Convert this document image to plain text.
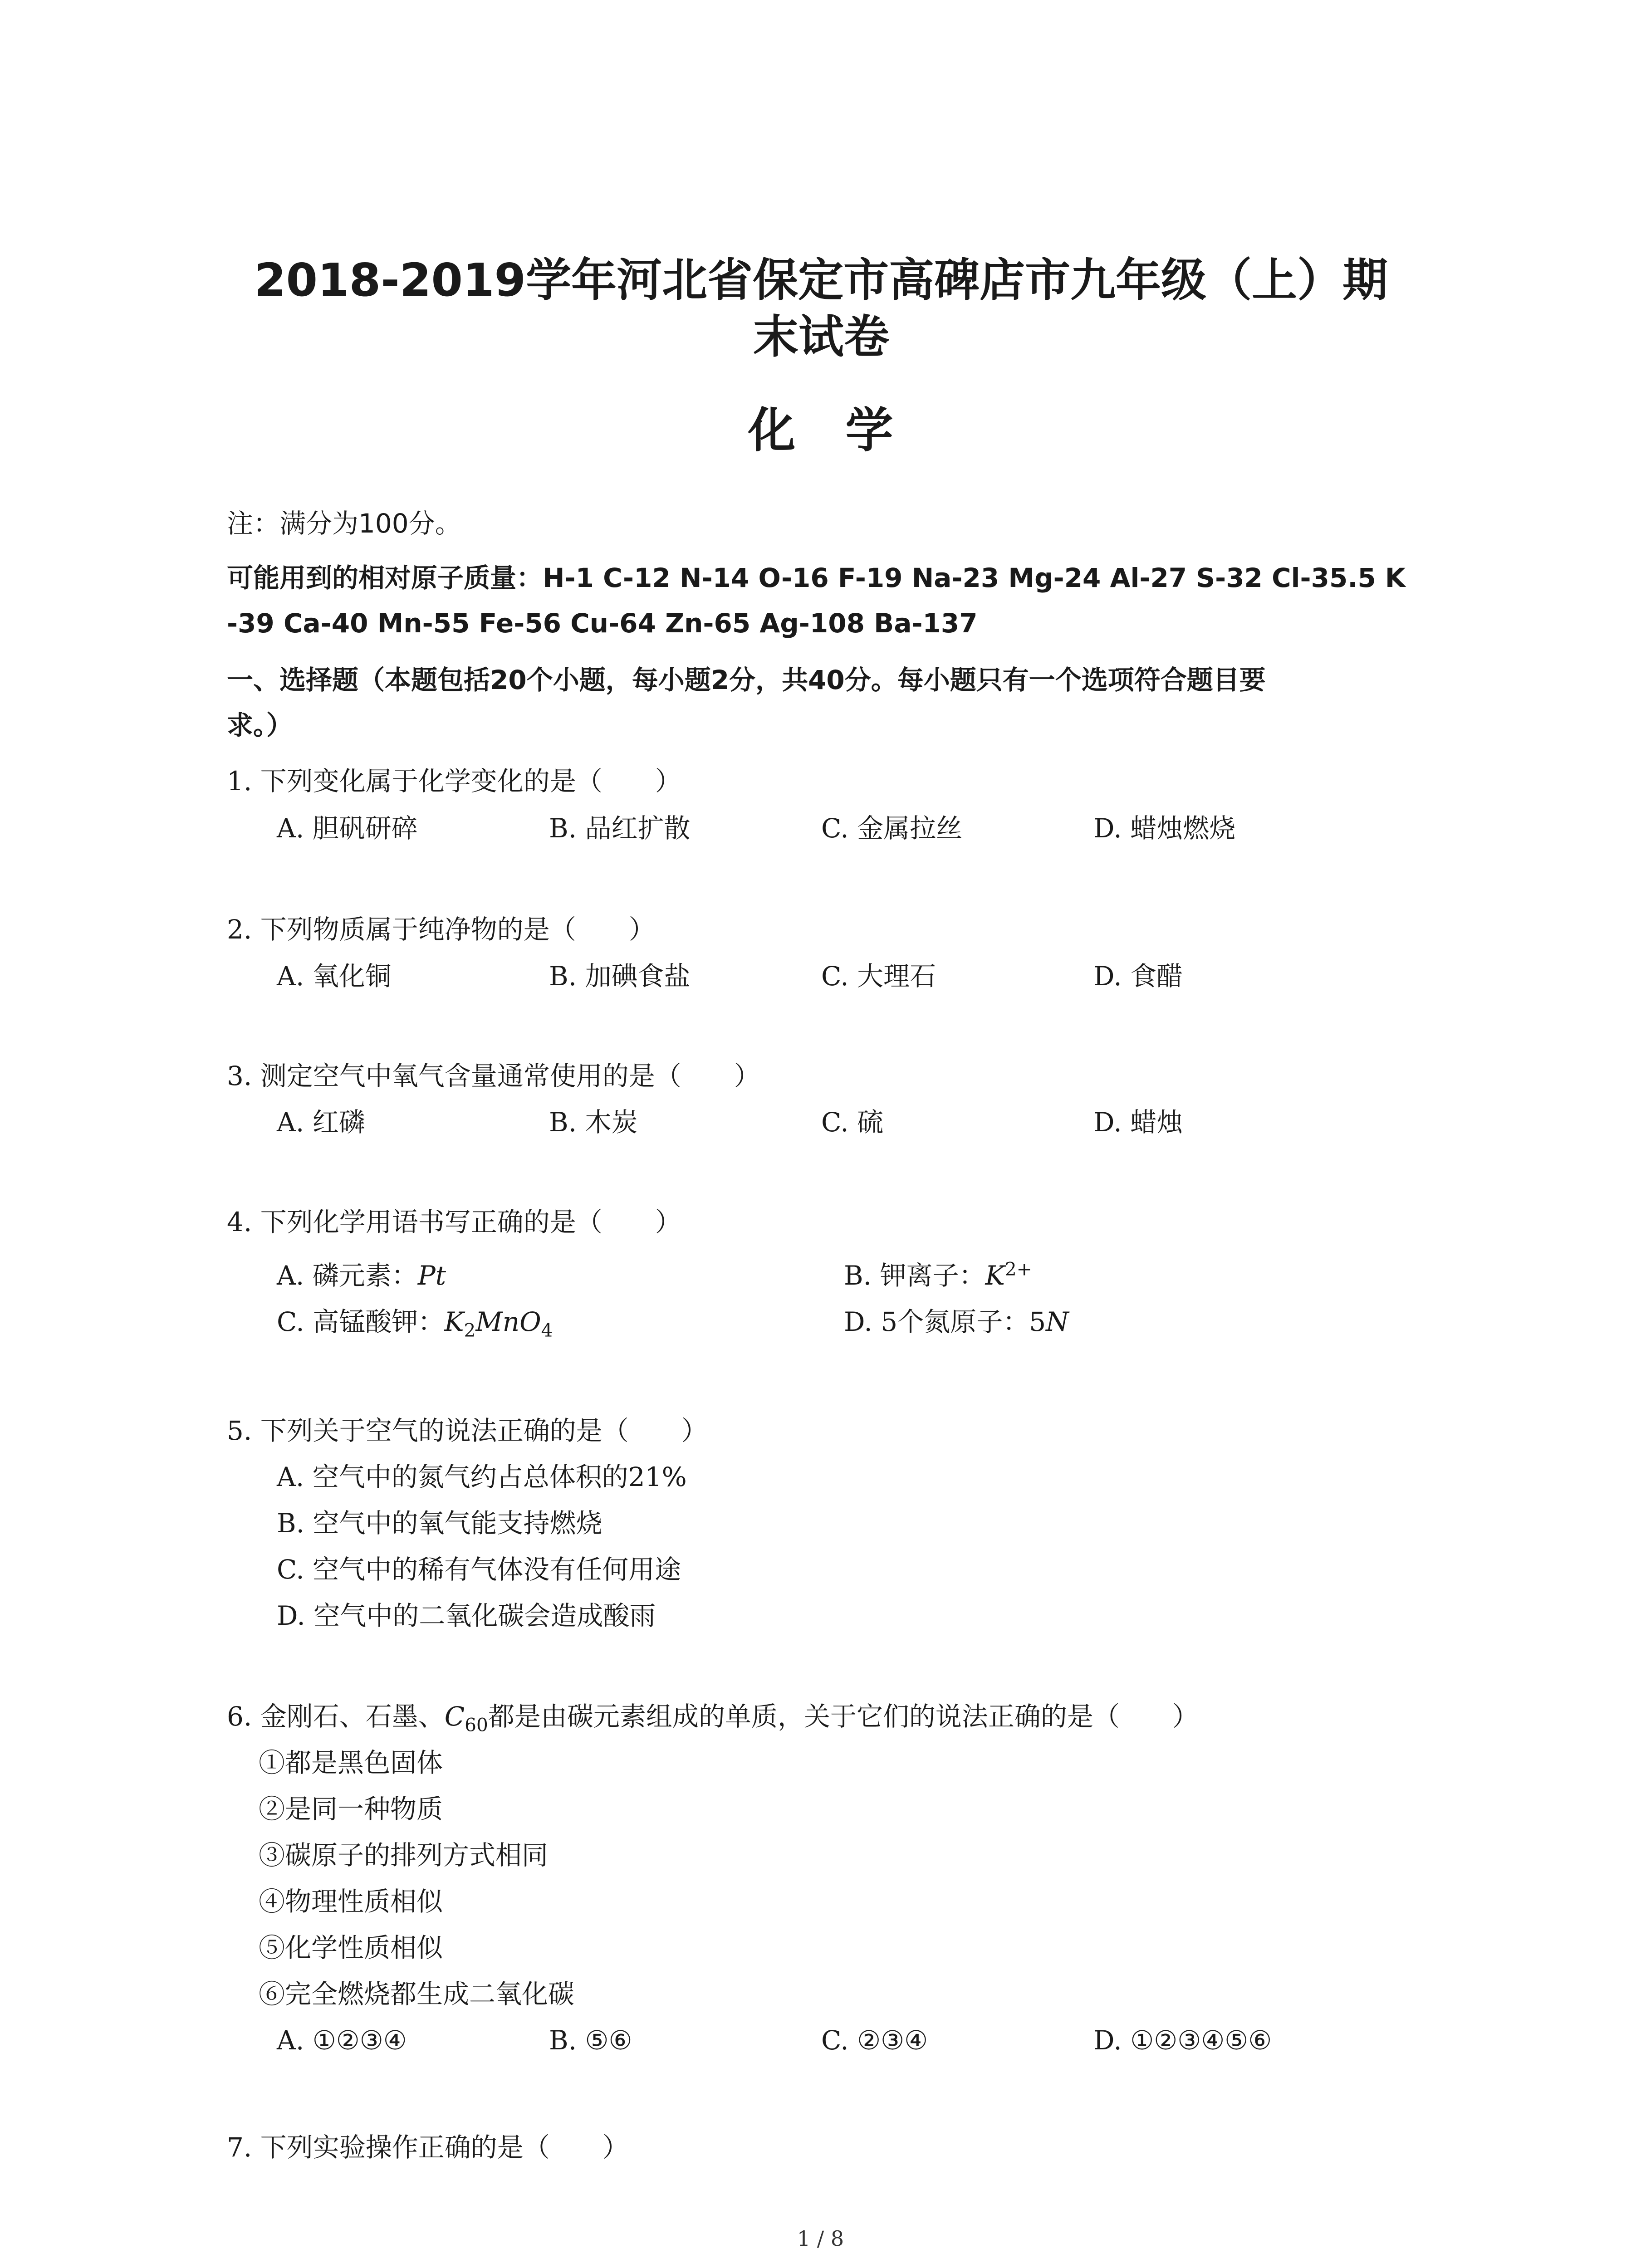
2018-2019学年河北省保定市高碑店市九年级（上）期
末试卷
化学
注：满分为100分。
可能用到的相对原子质量：H-1 C-12 N-14 O-16 F-19 Na-23 Mg-24 Al-27 S-32 Cl-35.5 K
-39 Ca-40 Mn-55 Fe-56 Cu-64 Zn-65 Ag-108 Ba-137
一、选择题（本题包括20个小题，每小题2分，共40分。每小题只有一个选项符合题目要
求。）
1. 下列变化属于化学变化的是（　　）
A. 胆矾研碎	B. 品红扩散	C. 金属拉丝	D. 蜡烛燃烧
2. 下列物质属于纯净物的是（　　）
A. 氧化铜	B. 加碘食盐	C. 大理石	D. 食醋
3. 测定空气中氧气含量通常使用的是（　　）
A. 红磷	B. 木炭	C. 硫	D. 蜡烛
4. 下列化学用语书写正确的是（　　）
A. 磷元素：Pt	B. 钾离子：$K^{2+}$
C. 高锰酸钾：$K_2MnO_4$	D. 5个氮原子：5N
5. 下列关于空气的说法正确的是（　　）
A. 空气中的氮气约占总体积的21%
B. 空气中的氧气能支持燃烧
C. 空气中的稀有气体没有任何用途
D. 空气中的二氧化碳会造成酸雨
6. 金刚石、石墨、$C_{60}$都是由碳元素组成的单质，关于它们的说法正确的是（　　）
①都是黑色固体
②是同一种物质
③碳原子的排列方式相同
④物理性质相似
⑤化学性质相似
⑥完全燃烧都生成二氧化碳
A. ①②③④	B. ⑤⑥	C. ②③④	D. ①②③④⑤⑥
7. 下列实验操作正确的是（　　）
1 / 8
